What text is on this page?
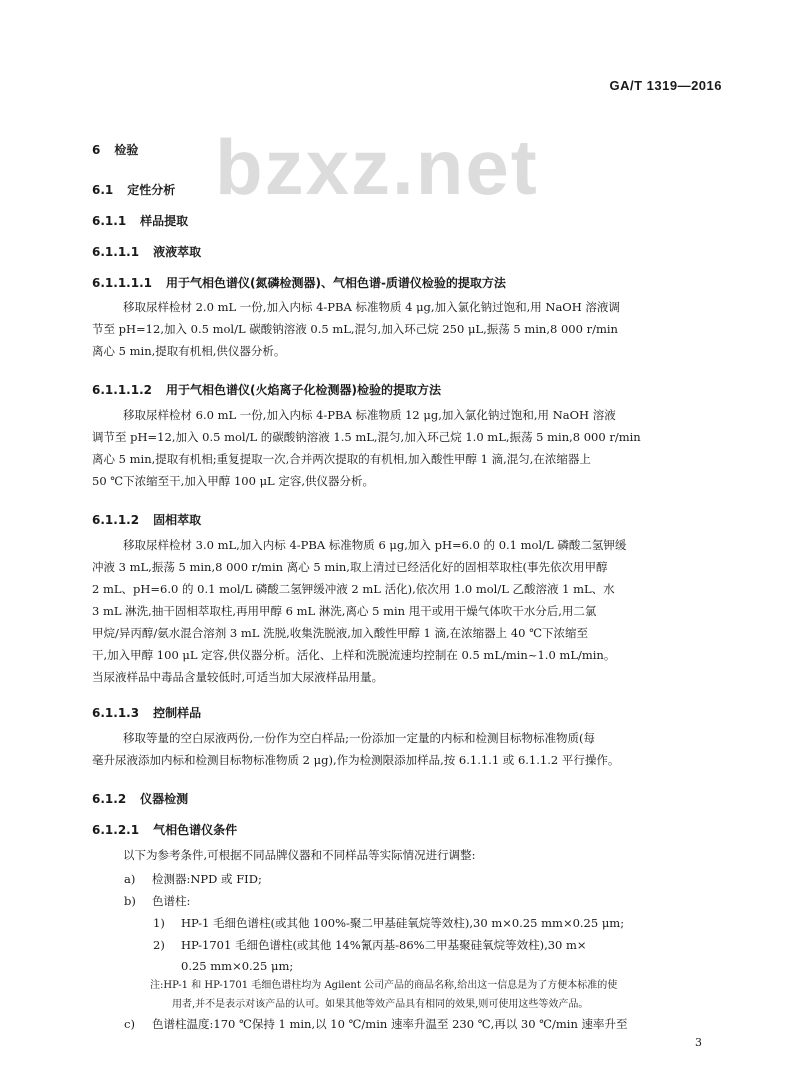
GA/T 1319—2016
bzxz.net
6 检验
6.1 定性分析
6.1.1 样品提取
6.1.1.1 液液萃取
6.1.1.1.1 用于气相色谱仪(氮磷检测器)、气相色谱-质谱仪检验的提取方法
移取尿样检材 2.0 mL 一份,加入内标 4-PBA 标准物质 4 μg,加入氯化钠过饱和,用 NaOH 溶液调
节至 pH=12,加入 0.5 mol/L 碳酸钠溶液 0.5 mL,混匀,加入环己烷 250 μL,振荡 5 min,8 000 r/min
离心 5 min,提取有机相,供仪器分析。
6.1.1.1.2 用于气相色谱仪(火焰离子化检测器)检验的提取方法
移取尿样检材 6.0 mL 一份,加入内标 4-PBA 标准物质 12 μg,加入氯化钠过饱和,用 NaOH 溶液
调节至 pH=12,加入 0.5 mol/L 的碳酸钠溶液 1.5 mL,混匀,加入环己烷 1.0 mL,振荡 5 min,8 000 r/min
离心 5 min,提取有机相;重复提取一次,合并两次提取的有机相,加入酸性甲醇 1 滴,混匀,在浓缩器上
50 ℃下浓缩至干,加入甲醇 100 μL 定容,供仪器分析。
6.1.1.2 固相萃取
移取尿样检材 3.0 mL,加入内标 4-PBA 标准物质 6 μg,加入 pH=6.0 的 0.1 mol/L 磷酸二氢钾缓
冲液 3 mL,振荡 5 min,8 000 r/min 离心 5 min,取上清过已经活化好的固相萃取柱(事先依次用甲醇
2 mL、pH=6.0 的 0.1 mol/L 磷酸二氢钾缓冲液 2 mL 活化),依次用 1.0 mol/L 乙酸溶液 1 mL、水
3 mL 淋洗,抽干固相萃取柱,再用甲醇 6 mL 淋洗,离心 5 min 甩干或用干燥气体吹干水分后,用二氯
甲烷/异丙醇/氨水混合溶剂 3 mL 洗脱,收集洗脱液,加入酸性甲醇 1 滴,在浓缩器上 40 ℃下浓缩至
干,加入甲醇 100 μL 定容,供仪器分析。活化、上样和洗脱流速均控制在 0.5 mL/min~1.0 mL/min。
当尿液样品中毒品含量较低时,可适当加大尿液样品用量。
6.1.1.3 控制样品
移取等量的空白尿液两份,一份作为空白样品;一份添加一定量的内标和检测目标物标准物质(每
毫升尿液添加内标和检测目标物标准物质 2 μg),作为检测限添加样品,按 6.1.1.1 或 6.1.1.2 平行操作。
6.1.2 仪器检测
6.1.2.1 气相色谱仪条件
以下为参考条件,可根据不同品牌仪器和不同样品等实际情况进行调整:
a) 检测器:NPD 或 FID;
b) 色谱柱:
1) HP-1 毛细色谱柱(或其他 100%-聚二甲基硅氧烷等效柱),30 m×0.25 mm×0.25 μm;
2) HP-1701 毛细色谱柱(或其他 14%氰丙基-86%二甲基聚硅氧烷等效柱),30 m×
0.25 mm×0.25 μm;
注:HP-1 和 HP-1701 毛细色谱柱均为 Agilent 公司产品的商品名称,给出这一信息是为了方便本标准的使
用者,并不是表示对该产品的认可。如果其他等效产品具有相同的效果,则可使用这些等效产品。
c) 色谱柱温度:170 ℃保持 1 min,以 10 ℃/min 速率升温至 230 ℃,再以 30 ℃/min 速率升至
3
